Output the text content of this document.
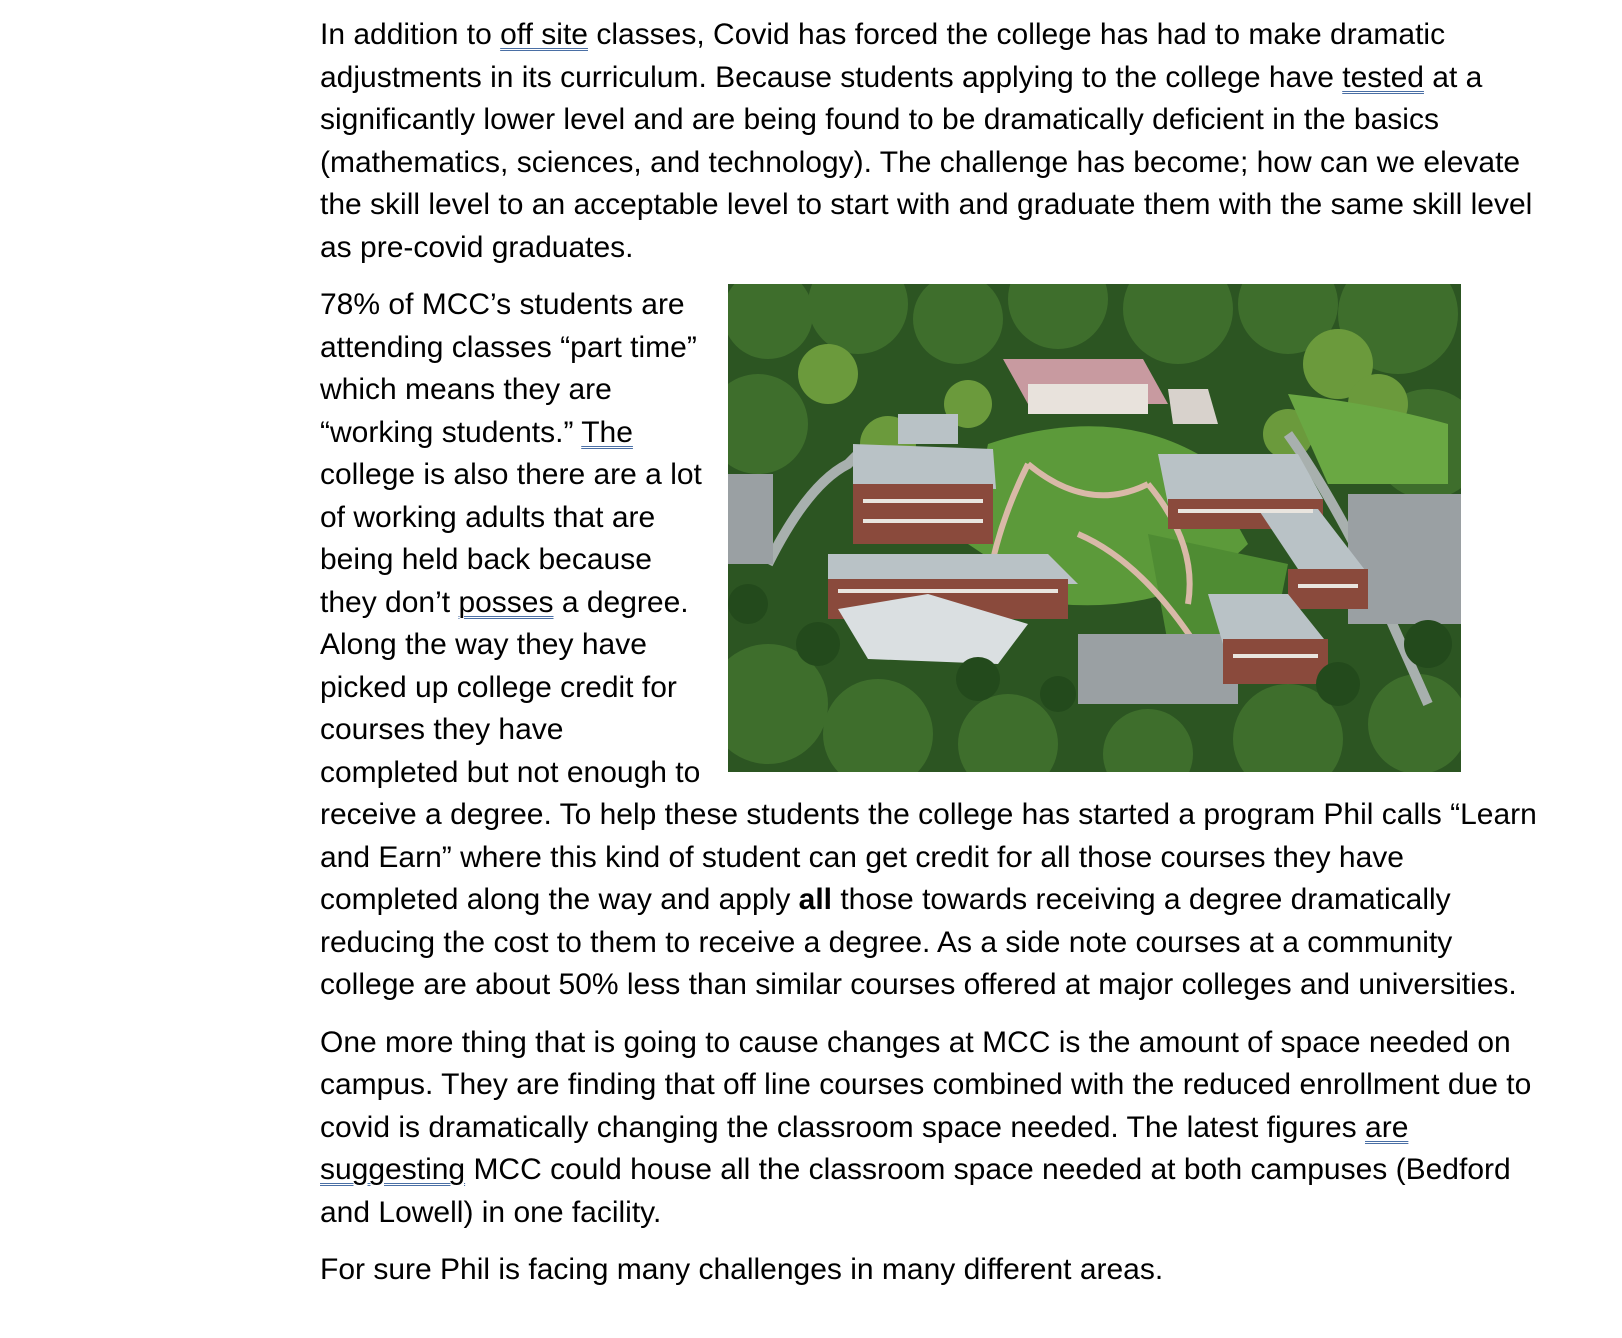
In addition to off site classes, Covid has forced the college has had to make dramatic adjustments in its curriculum. Because students applying to the college have tested at a significantly lower level and are being found to be dramatically deficient in the basics (mathematics, sciences, and technology). The challenge has become; how can we elevate the skill level to an acceptable level to start with and graduate them with the same skill level as pre-covid graduates.

78% of MCC’s students are attending classes “part time” which means they are “working students.” The college is also there are a lot of working adults that are being held back because they don’t posses a degree. Along the way they have picked up college credit for courses they have completed but not enough to receive a degree. To help these students the college has started a program Phil calls “Learn and Earn” where this kind of student can get credit for all those courses they have completed along the way and apply all those towards receiving a degree dramatically reducing the cost to them to receive a degree. As a side note courses at a community college are about 50% less than similar courses offered at major colleges and universities.

One more thing that is going to cause changes at MCC is the amount of space needed on campus. They are finding that off line courses combined with the reduced enrollment due to covid is dramatically changing the classroom space needed. The latest figures are suggesting MCC could house all the classroom space needed at both campuses (Bedford and Lowell) in one facility.

For sure Phil is facing many challenges in many different areas.
